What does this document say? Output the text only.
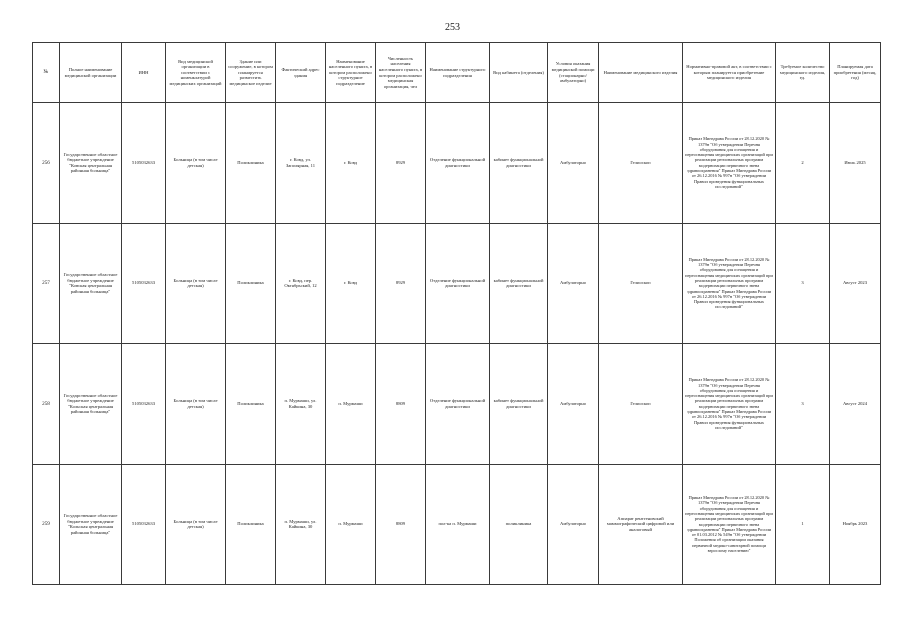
253
№	Полное наименование медицинской организации	ИНН	Вид медицинской организации в соответствии с номенклатурой медицинских организаций	Здание или сооружение, в котором планируется разместить медицинское изделие	Фактический адрес здания	Наименование населенного пункта, в котором расположено структурное подразделение	Численность населения населенного пункта, в котором расположено медицинская организация, чел	Наименование структурного подразделения	Вид кабинета (отделения)	Условия оказания медицинской помощи (стационарно/амбулаторно)	Наименование медицинского изделия	Нормативно-правовой акт, в соответствии с которым планируется приобретение медицинского изделия	Требуемое количество медицинского изделия, ед.	Планируемая дата приобретения (месяц, год)
256	Государственное областное бюджетное учреждение "Ковская центральная районная больница"	5105032633	Больница (в том числе детская)	Поликлиника	г. Ковд, ул. Заполярная, 11	г. Ковд	8929	Отделение функциональной диагностики	кабинет функциональной диагностики	Амбулаторно	Гелиоскоп	Приказ Минздрава России от 28.12.2020 № 1379н "Об утверждении Перечня оборудования для оснащения и переоснащения медицинских организаций при реализации региональных программ модернизации первичного звена здравоохранения" Приказ Минздрава России от 26.12.2016 № 997н "Об утверждении Правил проведения функциональных исследований"	2	Июль 2025
257	Государственное областное бюджетное учреждение "Ковская центральная районная больница"	5105032633	Больница (в том числе детская)	Поликлиника	г. Ковд, пер. Октябрьский, 12	г. Ковд	8929	Отделение функциональной диагностики	кабинет функциональной диагностики	Амбулаторно	Гелиоскоп	Приказ Минздрава России от 28.12.2020 № 1379н "Об утверждении Перечня оборудования для оснащения и переоснащения медицинских организаций при реализации региональных программ модернизации первичного звена здравоохранения" Приказ Минздрава России от 26.12.2016 № 997н "Об утверждении Правил проведения функциональных исследований"	3	Август 2023
258	Государственное областное бюджетное учреждение "Кольская центральная районная больница"	5105032633	Больница (в том числе детская)	Поликлиника	п. Мурмаши, ул. Кайкина, 30	п. Мурмаши	8809	Отделение функциональной диагностики	кабинет функциональной диагностики	Амбулаторно	Гелиоскоп	Приказ Минздрава России от 28.12.2020 № 1379н "Об утверждении Перечня оборудования для оснащения и переоснащения медицинских организаций при реализации региональных программ модернизации первичного звена здравоохранения" Приказ Минздрава России от 26.12.2016 № 997н "Об утверждении Правил проведения функциональных исследований"	3	Август 2024
259	Государственное областное бюджетное учреждение "Кольская центральная районная больница"	5105032633	Больница (в том числе детская)	Поликлиника	п. Мурмаши, ул. Кайкина, 30	п. Мурмаши	8809	пол-ка п. Мурмаши	поликлиника	Амбулаторно	Аппарат рентгеновский маммографический цифровой или аналоговый	Приказ Минздрава России от 28.12.2020 № 1379н "Об утверждении Перечня оборудования для оснащения и переоснащения медицинских организаций при реализации региональных программ модернизации первичного звена здравоохранения" Приказ Минздрава России от 01.03.2012 № 549н "Об утверждении Положения об организации оказания первичной медико-санитарной помощи взрослому населению"	1	Ноябрь 2023
